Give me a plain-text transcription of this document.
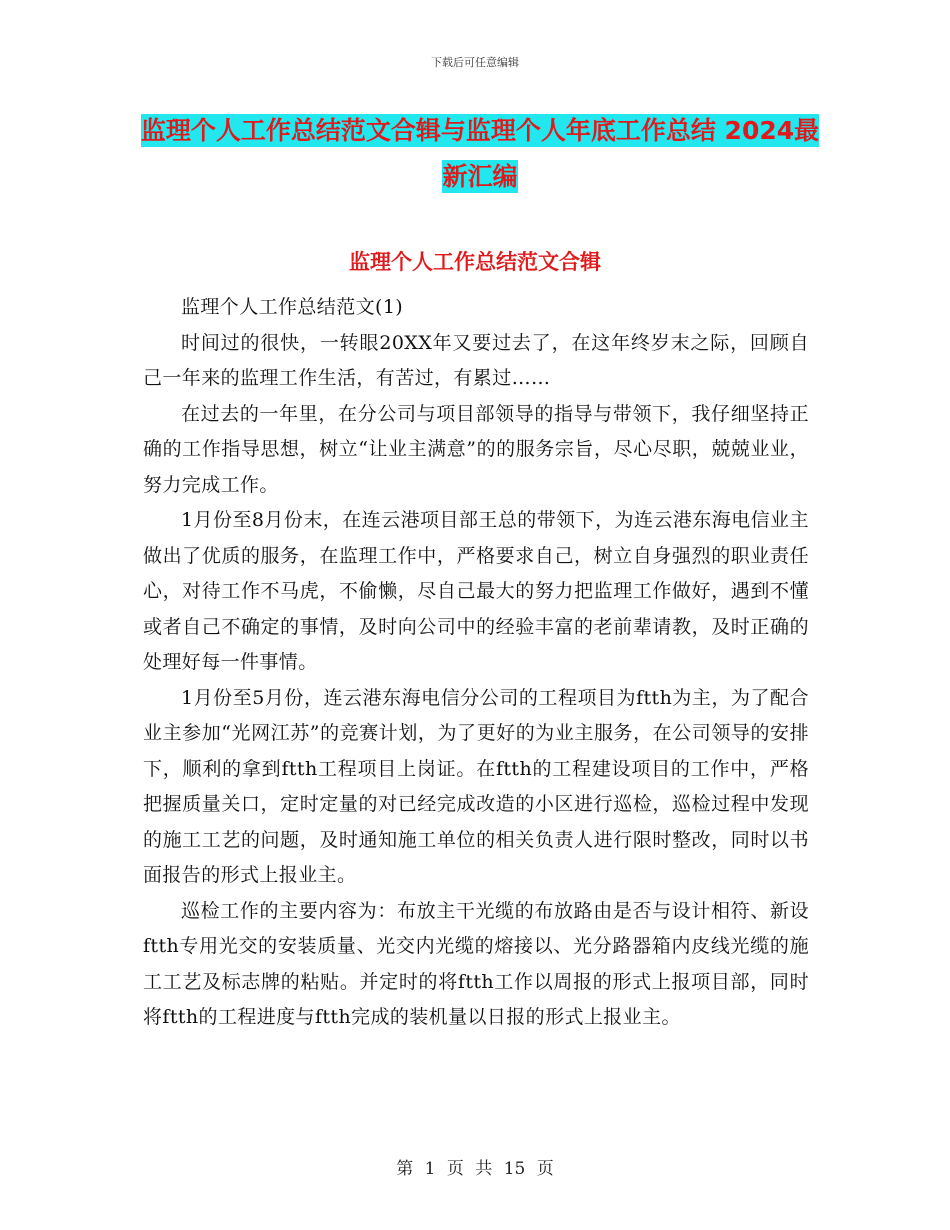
下载后可任意编辑
监理个人工作总结范文合辑与监理个人年底工作总结 2024最新汇编
监理个人工作总结范文合辑

监理个人工作总结范文(1)

时间过的很快，一转眼20XX年又要过去了，在这年终岁末之际，回顾自己一年来的监理工作生活，有苦过，有累过……

在过去的一年里，在分公司与项目部领导的指导与带领下，我仔细坚持正确的工作指导思想，树立“让业主满意”的的服务宗旨，尽心尽职，兢兢业业，努力完成工作。

1月份至8月份末，在连云港项目部王总的带领下，为连云港东海电信业主做出了优质的服务，在监理工作中，严格要求自己，树立自身强烈的职业责任心，对待工作不马虎，不偷懒，尽自己最大的努力把监理工作做好，遇到不懂或者自己不确定的事情，及时向公司中的经验丰富的老前辈请教，及时正确的处理好每一件事情。

1月份至5月份，连云港东海电信分公司的工程项目为ftth为主，为了配合业主参加“光网江苏”的竞赛计划，为了更好的为业主服务，在公司领导的安排下，顺利的拿到ftth工程项目上岗证。在ftth的工程建设项目的工作中，严格把握质量关口，定时定量的对已经完成改造的小区进行巡检，巡检过程中发现的施工工艺的问题，及时通知施工单位的相关负责人进行限时整改，同时以书面报告的形式上报业主。

巡检工作的主要内容为：布放主干光缆的布放路由是否与设计相符、新设ftth专用光交的安装质量、光交内光缆的熔接以、光分路器箱内皮线光缆的施工工艺及标志牌的粘贴。并定时的将ftth工作以周报的形式上报项目部，同时将ftth的工程进度与ftth完成的装机量以日报的形式上报业主。

第 1 页 共 15 页
